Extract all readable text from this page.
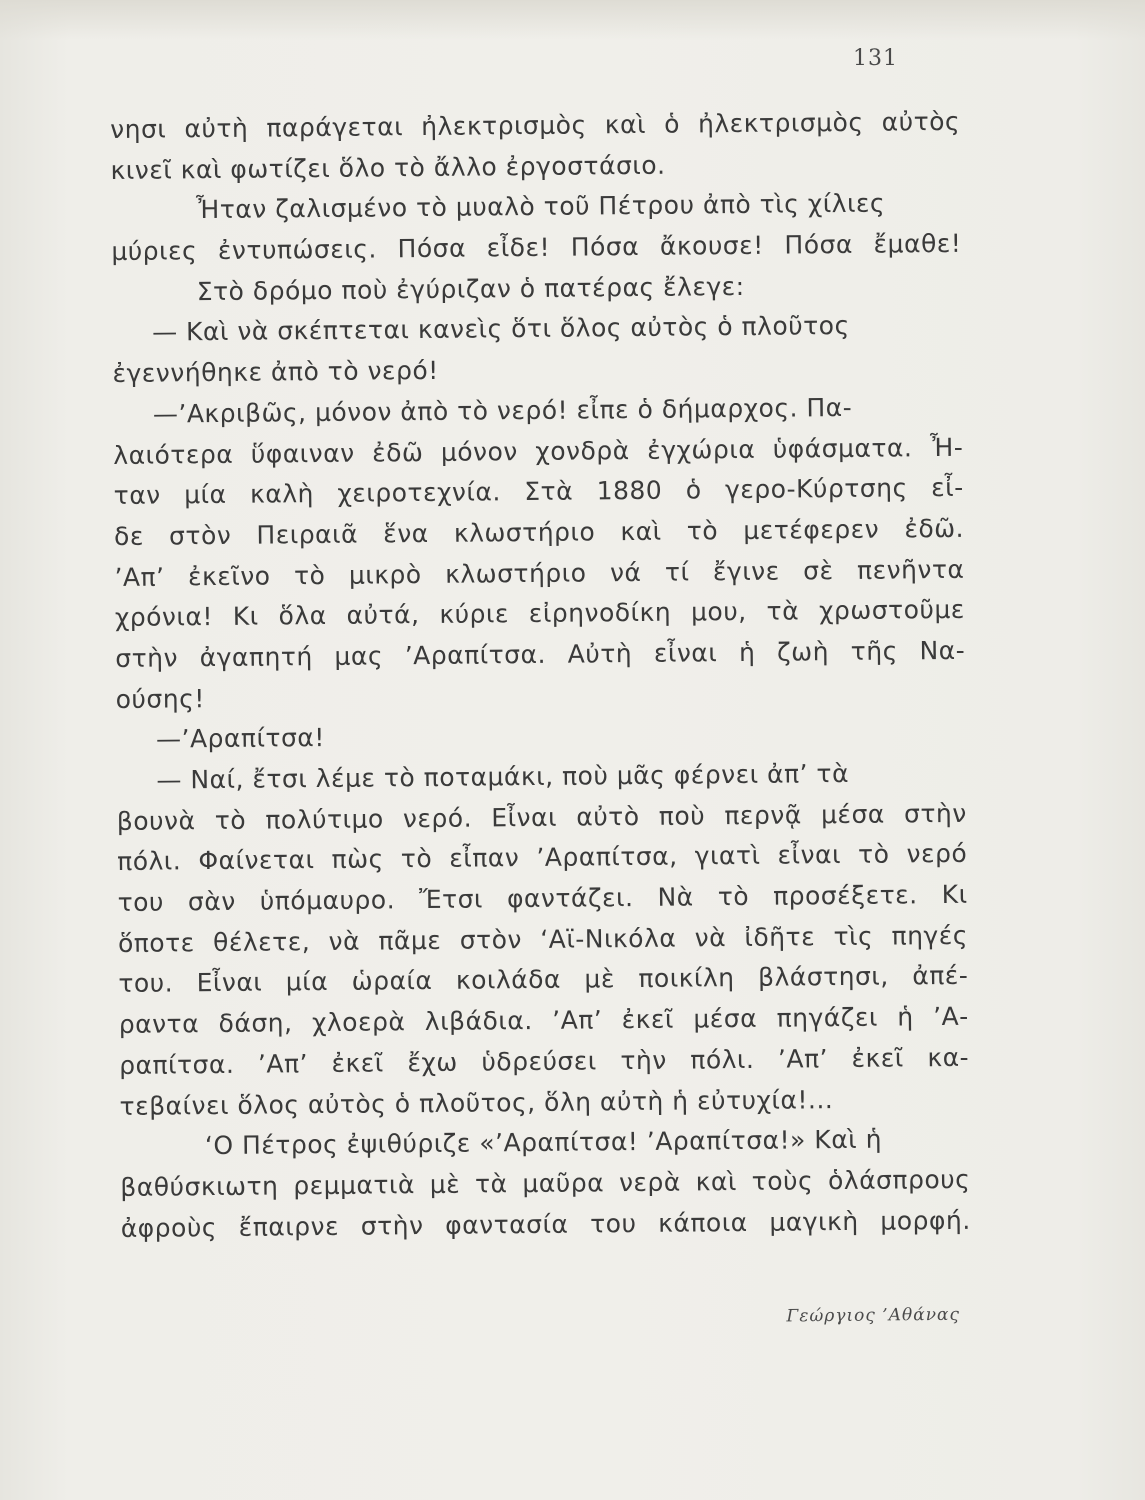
131
νησι αὐτὴ παράγεται ἠλεκτρισμὸς καὶ ὁ ἠλεκτρισμὸς αὐτὸς
κινεῖ καὶ φωτίζει ὅλο τὸ ἄλλο ἐργοστάσιο.
Ἦταν ζαλισμένο τὸ μυαλὸ τοῦ Πέτρου ἀπὸ τὶς χίλιες
μύριες ἐντυπώσεις. Πόσα εἶδε! Πόσα ἄκουσε! Πόσα ἔμαθε!
Στὸ δρόμο ποὺ ἐγύριζαν ὁ πατέρας ἔλεγε:
— Καὶ νὰ σκέπτεται κανεὶς ὅτι ὅλος αὐτὸς ὁ πλοῦτος
ἐγεννήθηκε ἀπὸ τὸ νερό!
—’Ακριβῶς, μόνον ἀπὸ τὸ νερό! εἶπε ὁ δήμαρχος. Πα-
λαιότερα ὕφαιναν ἐδῶ μόνον χονδρὰ ἐγχώρια ὑφάσματα. Ἦ-
ταν μία καλὴ χειροτεχνία. Στὰ 1880 ὁ γερο-Κύρτσης εἶ-
δε στὸν Πειραιᾶ ἕνα κλωστήριο καὶ τὸ μετέφερεν ἐδῶ.
’Απ’ ἐκεῖνο τὸ μικρὸ κλωστήριο νά τί ἔγινε σὲ πενῆντα
χρόνια! Κι ὅλα αὐτά, κύριε εἰρηνοδίκη μου, τὰ χρωστοῦμε
στὴν ἀγαπητή μας ’Αραπίτσα. Αὐτὴ εἶναι ἡ ζωὴ τῆς Να-
ούσης!
—’Αραπίτσα!
— Ναί, ἔτσι λέμε τὸ ποταμάκι, ποὺ μᾶς φέρνει ἀπ’ τὰ
βουνὰ τὸ πολύτιμο νερό. Εἶναι αὐτὸ ποὺ περνᾷ μέσα στὴν
πόλι. Φαίνεται πὼς τὸ εἶπαν ’Αραπίτσα, γιατὶ εἶναι τὸ νερό
του σὰν ὑπόμαυρο. Ἔτσι φαντάζει. Νὰ τὸ προσέξετε. Κι
ὅποτε θέλετε, νὰ πᾶμε στὸν ‘Αϊ-Νικόλα νὰ ἰδῆτε τὶς πηγές
του. Εἶναι μία ὡραία κοιλάδα μὲ ποικίλη βλάστησι, ἀπέ-
ραντα δάση, χλοερὰ λιβάδια. ’Απ’ ἐκεῖ μέσα πηγάζει ἡ ’Α-
ραπίτσα. ’Απ’ ἐκεῖ ἔχω ὑδρεύσει τὴν πόλι. ’Απ’ ἐκεῖ κα-
τεβαίνει ὅλος αὐτὸς ὁ πλοῦτος, ὅλη αὐτὴ ἡ εὐτυχία!...
‘Ο Πέτρος ἐψιθύριζε «’Αραπίτσα! ’Αραπίτσα!» Καὶ ἡ
βαθύσκιωτη ρεμματιὰ μὲ τὰ μαῦρα νερὰ καὶ τοὺς ὁλάσπρους
ἀφροὺς ἔπαιρνε στὴν φαντασία του κάποια μαγικὴ μορφή.
Γεώργιος ’Αθάνας
